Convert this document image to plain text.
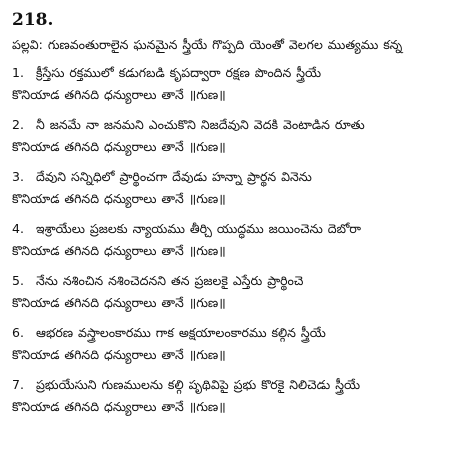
218.
పల్లవి: గుణవంతురాలైన ఘనమైన స్త్రీయే గొప్పది యెంతో వెలగల ముత్యము కన్న
1. క్రీస్తేసు రక్తములో కడుగబడి కృపద్వారా రక్షణ పొందిన స్త్రీయే
కొనియాడ తగినది ధన్యురాలు తానే ॥గుణ॥
2. నీ జనమే నా జనమని ఎంచుకొని నిజదేవుని వెదకి వెంటాడిన రూతు
కొనియాడ తగినది ధన్యురాలు తానే ॥గుణ॥
3. దేవుని సన్నిధిలో ప్రార్థించగా దేవుడు హన్నా ప్రార్థన వినెను
కొనియాడ తగినది ధన్యురాలు తానే ॥గుణ॥
4. ఇశ్రాయేలు ప్రజలకు న్యాయము తీర్చి యుద్ధము జయించెను దెబోరా
కొనియాడ తగినది ధన్యురాలు తానే ॥గుణ॥
5. నేను నశించిన నశించెదనని తన ప్రజలకై ఎస్తేరు ప్రార్థించె
కొనియాడ తగినది ధన్యురాలు తానే ॥గుణ॥
6. ఆభరణ వస్త్రాలంకారము గాక అక్షయాలంకారము కల్గిన స్త్రీయే
కొనియాడ తగినది ధన్యురాలు తానే ॥గుణ॥
7. ప్రభుయేసుని గుణములను కల్గి పృథివిపై ప్రభు కొరకై నిలిచెడు స్త్రీయే
కొనియాడ తగినది ధన్యురాలు తానే ॥గుణ॥
